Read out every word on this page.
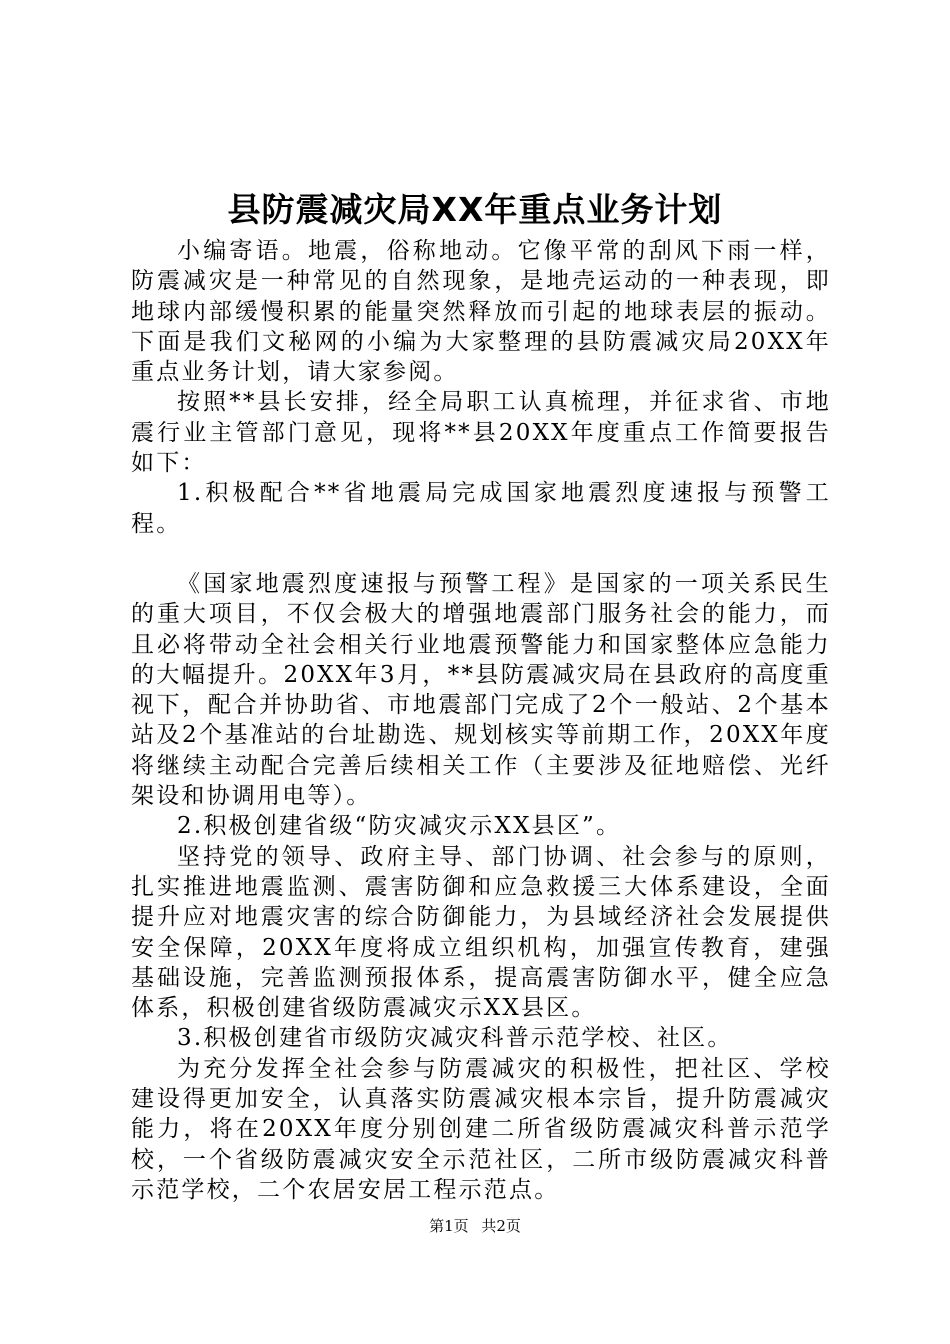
县防震减灾局XX年重点业务计划

小编寄语。地震，俗称地动。它像平常的刮风下雨一样，防震减灾是一种常见的自然现象，是地壳运动的一种表现，即地球内部缓慢积累的能量突然释放而引起的地球表层的振动。下面是我们文秘网的小编为大家整理的县防震减灾局20XX年重点业务计划，请大家参阅。

按照**县长安排，经全局职工认真梳理，并征求省、市地震行业主管部门意见，现将**县20XX年度重点工作简要报告如下：

1.积极配合**省地震局完成国家地震烈度速报与预警工程。

《国家地震烈度速报与预警工程》是国家的一项关系民生的重大项目，不仅会极大的增强地震部门服务社会的能力，而且必将带动全社会相关行业地震预警能力和国家整体应急能力的大幅提升。20XX年3月，**县防震减灾局在县政府的高度重视下，配合并协助省、市地震部门完成了2个一般站、2个基本站及2个基准站的台址勘选、规划核实等前期工作，20XX年度将继续主动配合完善后续相关工作（主要涉及征地赔偿、光纤架设和协调用电等）。

2.积极创建省级“防灾减灾示XX县区”。

坚持党的领导、政府主导、部门协调、社会参与的原则，扎实推进地震监测、震害防御和应急救援三大体系建设，全面提升应对地震灾害的综合防御能力，为县域经济社会发展提供安全保障，20XX年度将成立组织机构，加强宣传教育，建强基础设施，完善监测预报体系，提高震害防御水平，健全应急体系，积极创建省级防震减灾示XX县区。

3.积极创建省市级防灾减灾科普示范学校、社区。

为充分发挥全社会参与防震减灾的积极性，把社区、学校建设得更加安全，认真落实防震减灾根本宗旨，提升防震减灾能力，将在20XX年度分别创建二所省级防震减灾科普示范学校，一个省级防震减灾安全示范社区，二所市级防震减灾科普示范学校，二个农居安居工程示范点。

第1页 共2页
